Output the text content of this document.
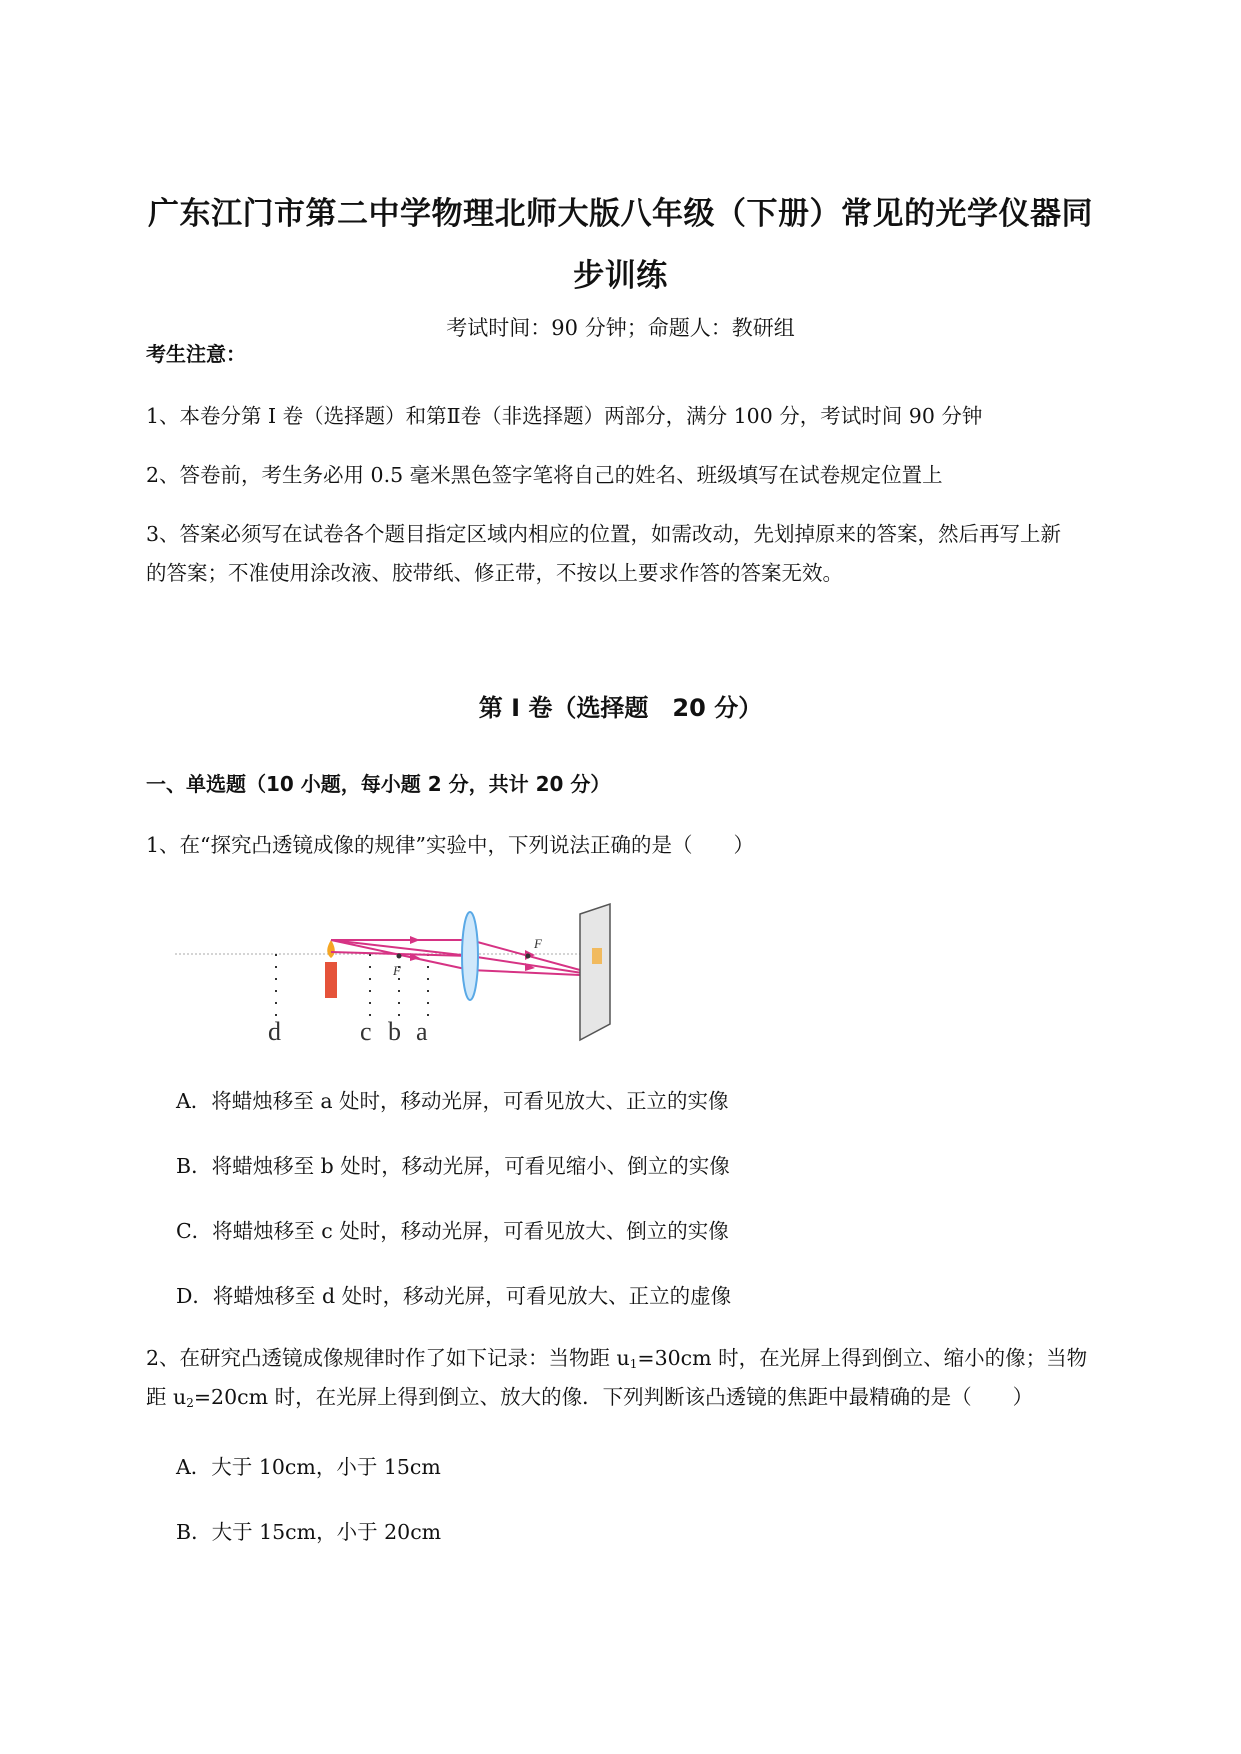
广东江门市第二中学物理北师大版八年级（下册）常见的光学仪器同
步训练
考试时间：90 分钟；命题人：教研组
考生注意：
1、本卷分第 I 卷（选择题）和第Ⅱ卷（非选择题）两部分，满分 100 分，考试时间 90 分钟
2、答卷前，考生务必用 0.5 毫米黑色签字笔将自己的姓名、班级填写在试卷规定位置上
3、答案必须写在试卷各个题目指定区域内相应的位置，如需改动，先划掉原来的答案，然后再写上新
的答案；不准使用涂改液、胶带纸、修正带，不按以上要求作答的答案无效。
第 I 卷（选择题　20 分）
一、单选题（10 小题，每小题 2 分，共计 20 分）
1、在“探究凸透镜成像的规律”实验中，下列说法正确的是（　　）
F
F
d	c b a
A．将蜡烛移至 a 处时，移动光屏，可看见放大、正立的实像
B．将蜡烛移至 b 处时，移动光屏，可看见缩小、倒立的实像
C．将蜡烛移至 c 处时，移动光屏，可看见放大、倒立的实像
D．将蜡烛移至 d 处时，移动光屏，可看见放大、正立的虚像
2、在研究凸透镜成像规律时作了如下记录：当物距 $u_1=30cm$ 时，在光屏上得到倒立、缩小的像；当物
距 $u_2=20cm$ 时，在光屏上得到倒立、放大的像．下列判断该凸透镜的焦距中最精确的是（　　）
A．大于 10cm，小于 15cm
B．大于 15cm，小于 20cm
